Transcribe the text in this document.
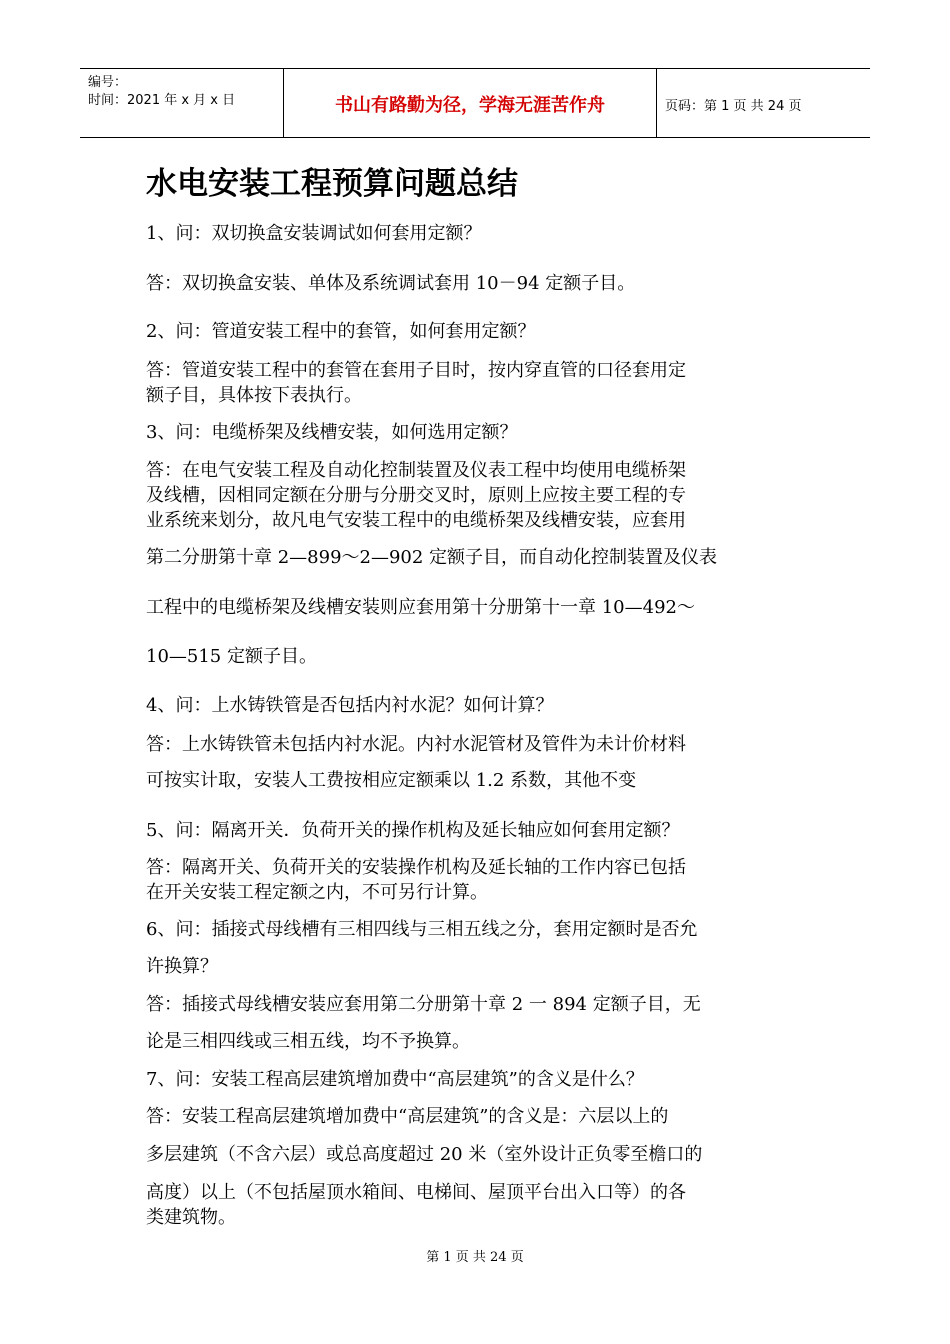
编号：
时间：2021 年 x 月 x 日	书山有路勤为径，学海无涯苦作舟	页码：第 1 页 共 24 页
水电安装工程预算问题总结
1、问：双切换盒安装调试如何套用定额？
答：双切换盒安装、单体及系统调试套用 10－94 定额子目。
2、问：管道安装工程中的套管，如何套用定额？
答：管道安装工程中的套管在套用子目时，按内穿直管的口径套用定
额子目，具体按下表执行。
3、问：电缆桥架及线槽安装，如何选用定额？
答：在电气安装工程及自动化控制装置及仪表工程中均使用电缆桥架
及线槽，因相同定额在分册与分册交叉时，原则上应按主要工程的专
业系统来划分，故凡电气安装工程中的电缆桥架及线槽安装，应套用
第二分册第十章 2—899～2—902 定额子目，而自动化控制装置及仪表
工程中的电缆桥架及线槽安装则应套用第十分册第十一章 10—492～
10—515 定额子目。
4、问：上水铸铁管是否包括内衬水泥？如何计算？
答：上水铸铁管未包括内衬水泥。内衬水泥管材及管件为未计价材料
可按实计取，安装人工费按相应定额乘以 1.2 系数，其他不变
5、问：隔离开关．负荷开关的操作机构及延长轴应如何套用定额？
答：隔离开关、负荷开关的安装操作机构及延长轴的工作内容已包括
在开关安装工程定额之内，不可另行计算。
6、问：插接式母线槽有三相四线与三相五线之分，套用定额时是否允
许换算？
答：插接式母线槽安装应套用第二分册第十章 2 一 894 定额子目，无
论是三相四线或三相五线，均不予换算。
7、问：安装工程高层建筑增加费中“高层建筑”的含义是什么？
答：安装工程高层建筑增加费中“高层建筑”的含义是：六层以上的
多层建筑（不含六层）或总高度超过 20 米（室外设计正负零至檐口的
高度）以上（不包括屋顶水箱间、电梯间、屋顶平台出入口等）的各
类建筑物。
第 1 页 共 24 页
